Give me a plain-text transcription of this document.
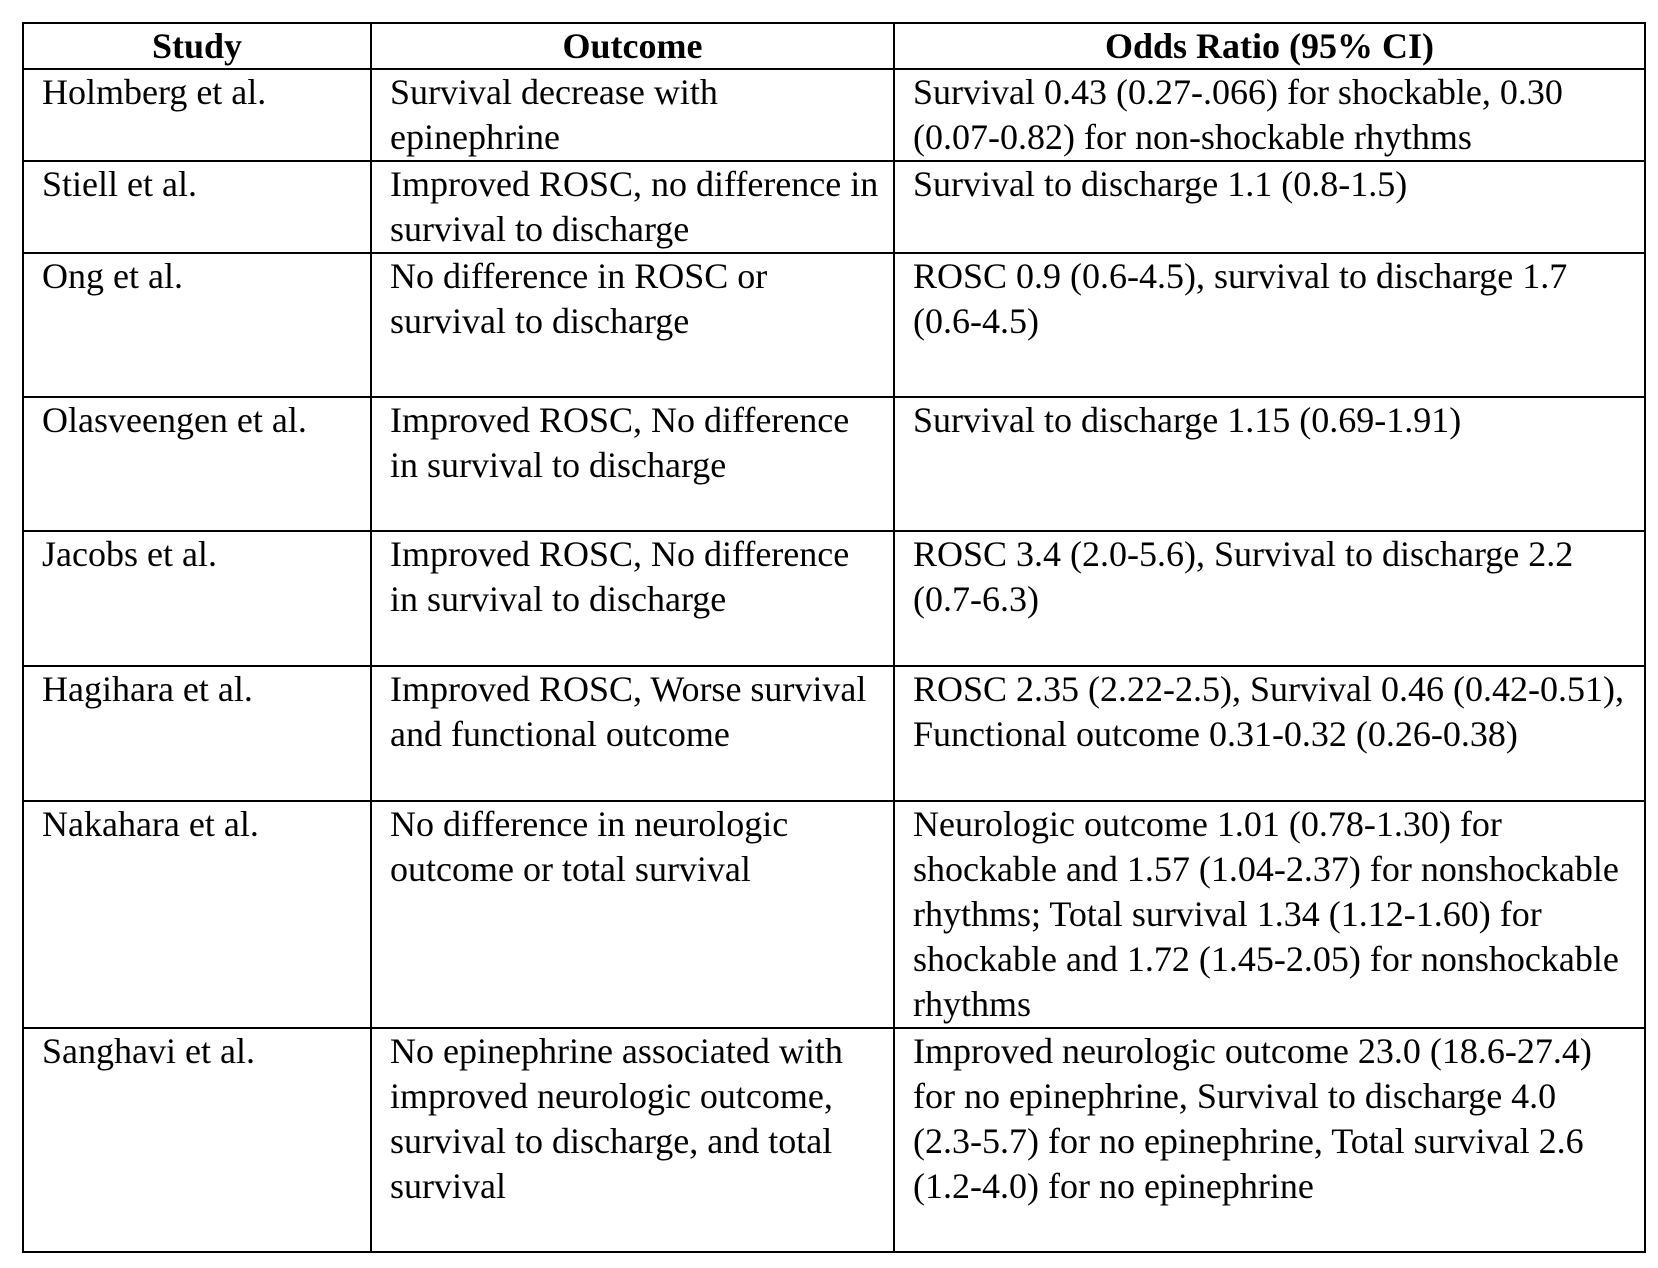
Study	Outcome	Odds Ratio (95% CI)
Holmberg et al.	Survival decrease with epinephrine	Survival 0.43 (0.27-.066) for shockable, 0.30 (0.07-0.82) for non-shockable rhythms
Stiell et al.	Improved ROSC, no difference in survival to discharge	Survival to discharge 1.1 (0.8-1.5)
Ong et al.	No difference in ROSC or survival to discharge	ROSC 0.9 (0.6-4.5), survival to discharge 1.7 (0.6-4.5)
Olasveengen et al.	Improved ROSC, No difference in survival to discharge	Survival to discharge 1.15 (0.69-1.91)
Jacobs et al.	Improved ROSC, No difference in survival to discharge	ROSC 3.4 (2.0-5.6), Survival to discharge 2.2 (0.7-6.3)
Hagihara et al.	Improved ROSC, Worse survival and functional outcome	ROSC 2.35 (2.22-2.5), Survival 0.46 (0.42-0.51), Functional outcome 0.31-0.32 (0.26-0.38)
Nakahara et al.	No difference in neurologic outcome or total survival	Neurologic outcome 1.01 (0.78-1.30) for shockable and 1.57 (1.04-2.37) for nonshockable rhythms; Total survival 1.34 (1.12-1.60) for shockable and 1.72 (1.45-2.05) for nonshockable rhythms
Sanghavi et al.	No epinephrine associated with improved neurologic outcome, survival to discharge, and total survival	Improved neurologic outcome 23.0 (18.6-27.4) for no epinephrine, Survival to discharge 4.0 (2.3-5.7) for no epinephrine, Total survival 2.6 (1.2-4.0) for no epinephrine
